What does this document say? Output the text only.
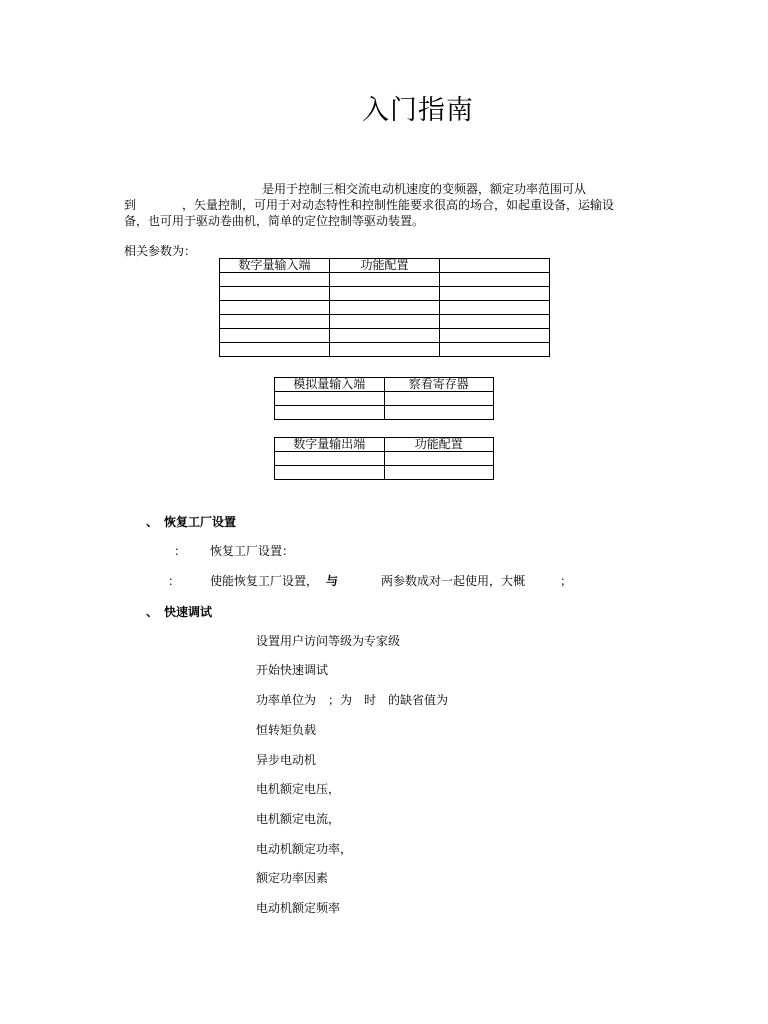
入门指南
是用于控制三相交流电动机速度的变频器，额定功率范围可从
到	，矢量控制，可用于对动态特性和控制性能要求很高的场合，如起重设备，运输设
备，也可用于驱动卷曲机，简单的定位控制等驱动装置。
相关参数为：
数字量输入端	功能配置	

模拟量输入端	察看寄存器

数字量输出端	功能配置

、 恢复工厂设置
： 恢复工厂设置：
： 使能恢复工厂设置， 与	两参数成对一起使用，大概	；
、 快速调试
设置用户访问等级为专家级
开始快速调试
功率单位为　；为　时　的缺省值为
恒转矩负载
异步电动机
电机额定电压，
电机额定电流，
电动机额定功率，
额定功率因素
电动机额定频率
